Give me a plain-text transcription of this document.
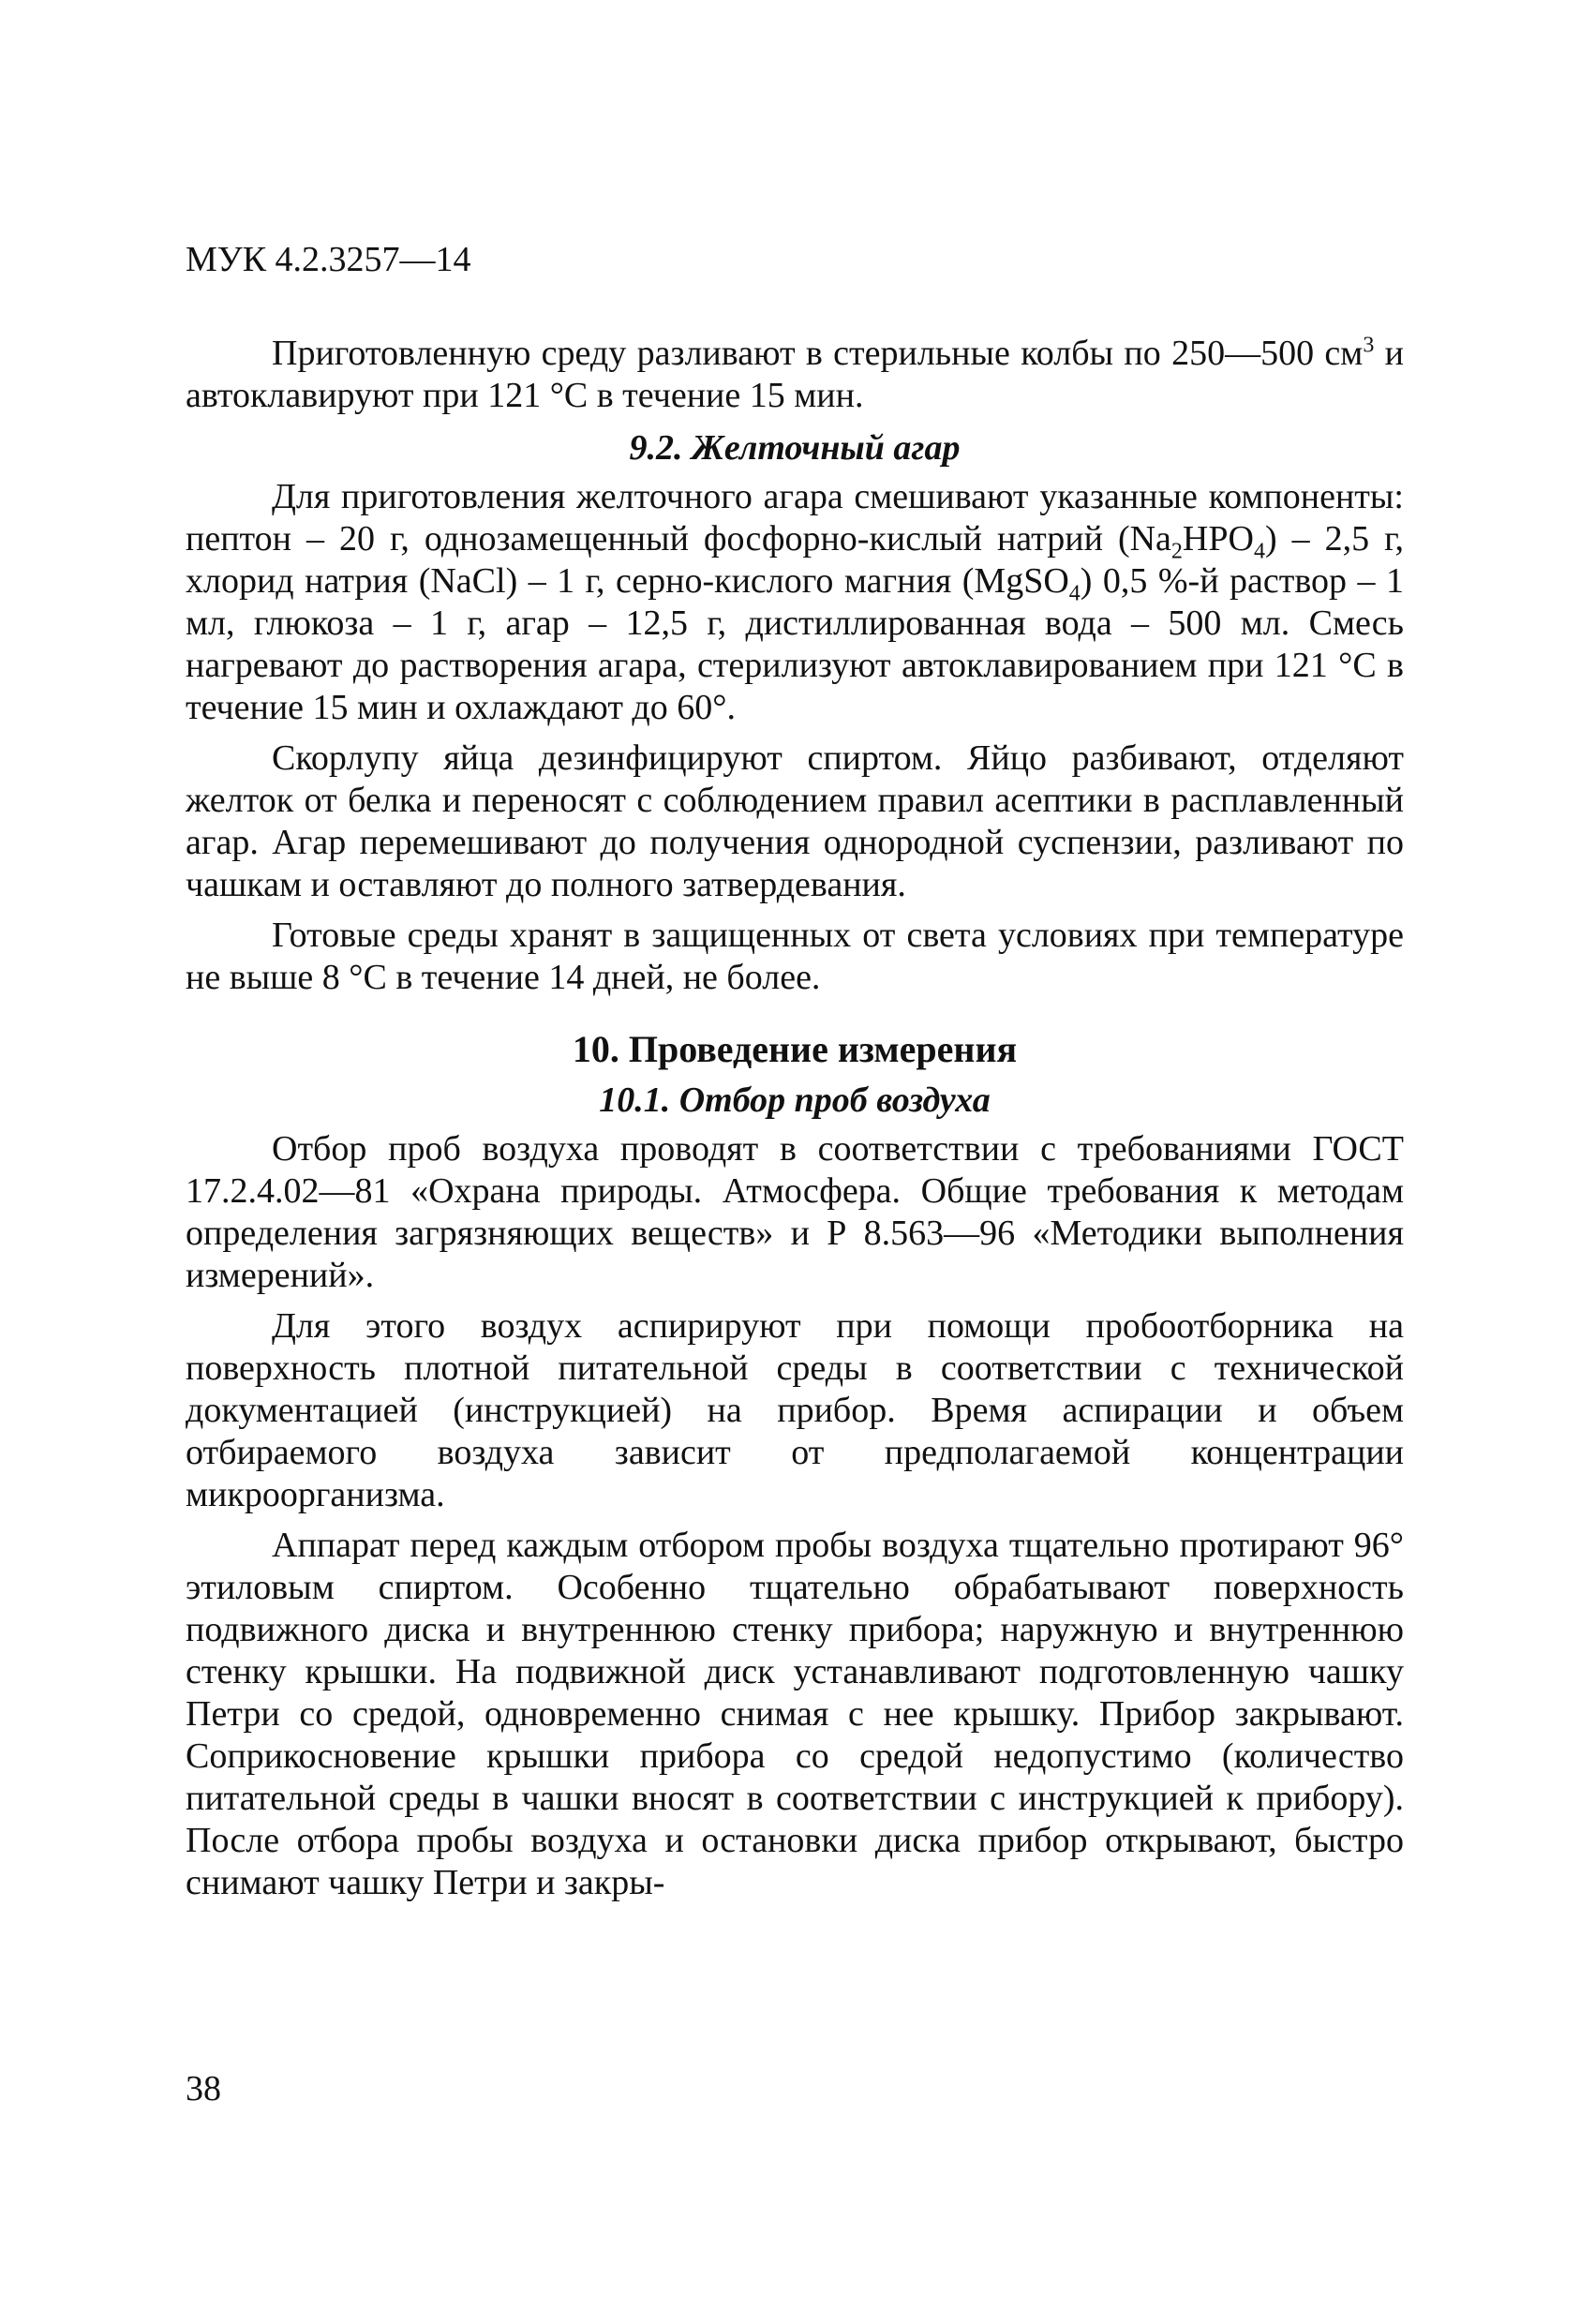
МУК 4.2.3257—14

Приготовленную среду разливают в стерильные колбы по 250—500 $см^3$ и автоклавируют при 121 °С в течение 15 мин.

9.2. Желточный агар

Для приготовления желточного агара смешивают указанные компоненты: пептон – 20 г, однозамещенный фосфорно-кислый натрий $(Na_2HPO_4) - 2,5$ г, хлорид натрия (NaCl) – 1 г, серно-кислого магния (MgSO$_4$) 0,5 %-й раствор – 1 мл, глюкоза – 1 г, агар – 12,5 г, дистиллированная вода – 500 мл. Смесь нагревают до растворения агара, стерилизуют автоклавированием при 121 °С в течение 15 мин и охлаждают до 60°.

Скорлупу яйца дезинфицируют спиртом. Яйцо разбивают, отделяют желток от белка и переносят с соблюдением правил асептики в расплавленный агар. Агар перемешивают до получения однородной суспензии, разливают по чашкам и оставляют до полного затвердевания.

Готовые среды хранят в защищенных от света условиях при температуре не выше 8 °С в течение 14 дней, не более.

10. Проведение измерения
10.1. Отбор проб воздуха

Отбор проб воздуха проводят в соответствии с требованиями ГОСТ 17.2.4.02—81 «Охрана природы. Атмосфера. Общие требования к методам определения загрязняющих веществ» и Р 8.563—96 «Методики выполнения измерений».

Для этого воздух аспирируют при помощи пробоотборника на поверхность плотной питательной среды в соответствии с технической документацией (инструкцией) на прибор. Время аспирации и объем отбираемого воздуха зависит от предполагаемой концентрации микроорганизма.

Аппарат перед каждым отбором пробы воздуха тщательно протирают 96° этиловым спиртом. Особенно тщательно обрабатывают поверхность подвижного диска и внутреннюю стенку прибора; наружную и внутреннюю стенку крышки. На подвижной диск устанавливают подготовленную чашку Петри со средой, одновременно снимая с нее крышку. Прибор закрывают. Соприкосновение крышки прибора со средой недопустимо (количество питательной среды в чашки вносят в соответствии с инструкцией к прибору). После отбора пробы воздуха и остановки диска прибор открывают, быстро снимают чашку Петри и закры-

38
